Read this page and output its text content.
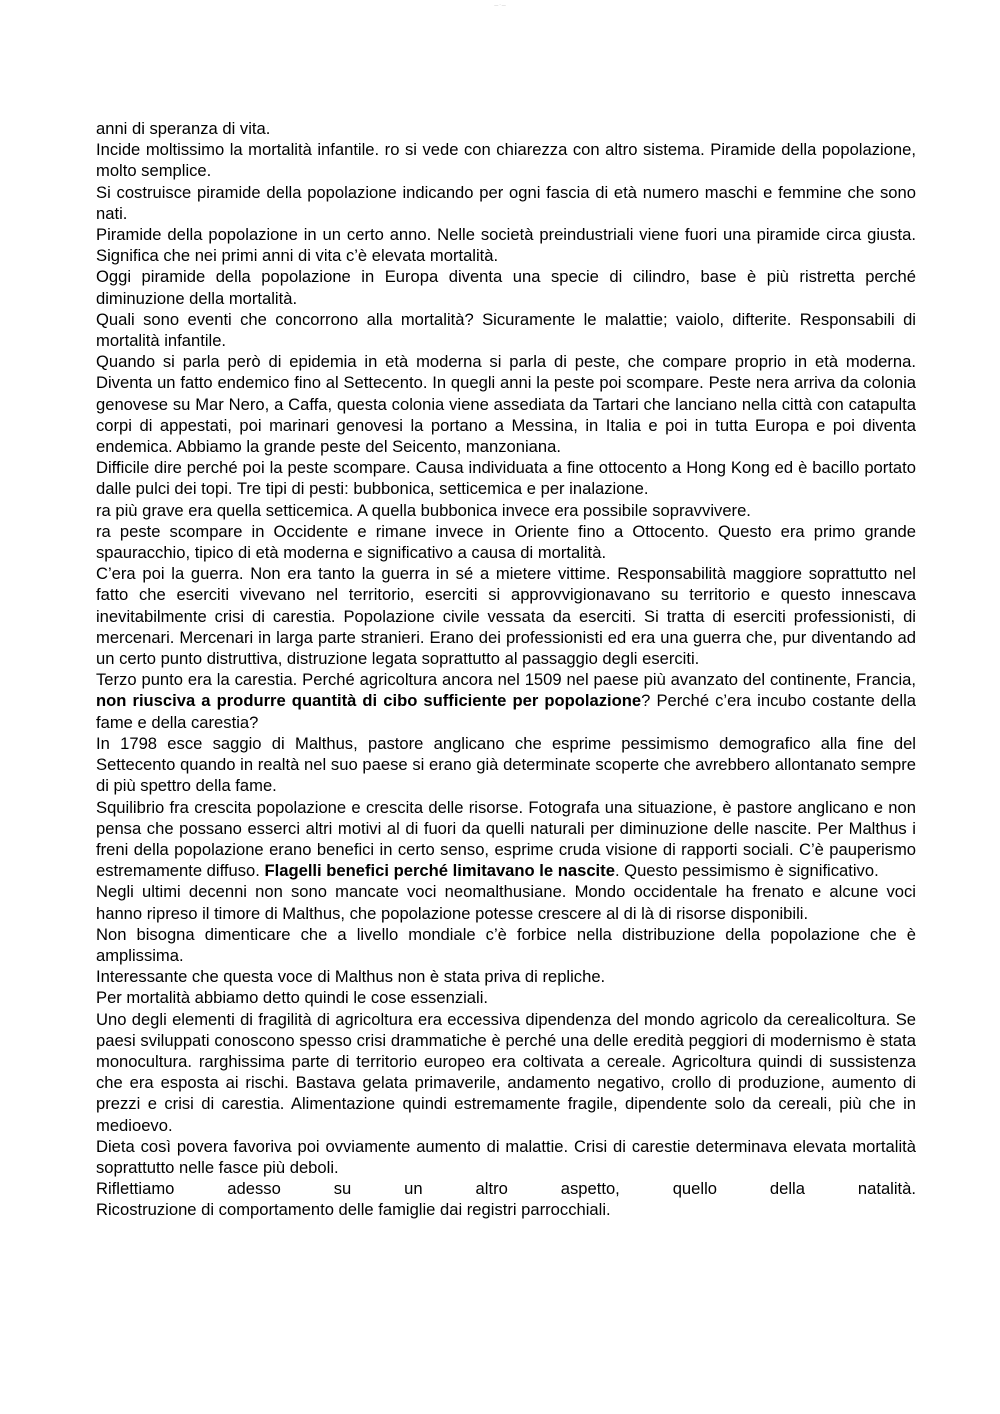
— · —

anni di speranza di vita.

Incide moltissimo la mortalità infantile. ro si vede con chiarezza con altro sistema. Piramide della popolazione, molto semplice.

Si costruisce piramide della popolazione indicando per ogni fascia di età numero maschi e femmine che sono nati.

Piramide della popolazione in un certo anno. Nelle società preindustriali viene fuori una piramide circa giusta. Significa che nei primi anni di vita c’è elevata mortalità.

Oggi piramide della popolazione in Europa diventa una specie di cilindro, base è più ristretta perché diminuzione della mortalità.

Quali sono eventi che concorrono alla mortalità? Sicuramente le malattie; vaiolo, difterite. Responsabili di mortalità infantile.

Quando si parla però di epidemia in età moderna si parla di peste, che compare proprio in età moderna. Diventa un fatto endemico fino al Settecento. In quegli anni la peste poi scompare. Peste nera arriva da colonia genovese su Mar Nero, a Caffa, questa colonia viene assediata da Tartari che lanciano nella città con catapulta corpi di appestati, poi marinari genovesi la portano a Messina, in Italia e poi in tutta Europa e poi diventa endemica. Abbiamo la grande peste del Seicento, manzoniana.

Difficile dire perché poi la peste scompare. Causa individuata a fine ottocento a Hong Kong ed è bacillo portato dalle pulci dei topi. Tre tipi di pesti: bubbonica, setticemica e per inalazione.

ra più grave era quella setticemica. A quella bubbonica invece era possibile sopravvivere.

ra peste scompare in Occidente e rimane invece in Oriente fino a Ottocento. Questo era primo grande spauracchio, tipico di età moderna e significativo a causa di mortalità.

C’era poi la guerra. Non era tanto la guerra in sé a mietere vittime. Responsabilità maggiore soprattutto nel fatto che eserciti vivevano nel territorio, eserciti si approvvigionavano su territorio e questo innescava inevitabilmente crisi di carestia. Popolazione civile vessata da eserciti. Si tratta di eserciti professionisti, di mercenari. Mercenari in larga parte stranieri. Erano dei professionisti ed era una guerra che, pur diventando ad un certo punto distruttiva, distruzione legata soprattutto al passaggio degli eserciti.

Terzo punto era la carestia. Perché agricoltura ancora nel 1509 nel paese più avanzato del continente, Francia, non riusciva a produrre quantità di cibo sufficiente per popolazione? Perché c’era incubo costante della fame e della carestia?

In 1798 esce saggio di Malthus, pastore anglicano che esprime pessimismo demografico alla fine del Settecento quando in realtà nel suo paese si erano già determinate scoperte che avrebbero allontanato sempre di più spettro della fame.

Squilibrio fra crescita popolazione e crescita delle risorse. Fotografa una situazione, è pastore anglicano e non pensa che possano esserci altri motivi al di fuori da quelli naturali per diminuzione delle nascite. Per Malthus i freni della popolazione erano benefici in certo senso, esprime cruda visione di rapporti sociali. C’è pauperismo estremamente diffuso. Flagelli benefici perché limitavano le nascite. Questo pessimismo è significativo.

Negli ultimi decenni non sono mancate voci neomalthusiane. Mondo occidentale ha frenato e alcune voci hanno ripreso il timore di Malthus, che popolazione potesse crescere al di là di risorse disponibili.

Non bisogna dimenticare che a livello mondiale c’è forbice nella distribuzione della popolazione che è amplissima.

Interessante che questa voce di Malthus non è stata priva di repliche.

Per mortalità abbiamo detto quindi le cose essenziali.

Uno degli elementi di fragilità di agricoltura era eccessiva dipendenza del mondo agricolo da cerealicoltura. Se paesi sviluppati conoscono spesso crisi drammatiche è perché una delle eredità peggiori di modernismo è stata monocultura. rarghissima parte di territorio europeo era coltivata a cereale. Agricoltura quindi di sussistenza che era esposta ai rischi. Bastava gelata primaverile, andamento negativo, crollo di produzione, aumento di prezzi e crisi di carestia. Alimentazione quindi estremamente fragile, dipendente solo da cereali, più che in medioevo.

Dieta così povera favoriva poi ovviamente aumento di malattie. Crisi di carestie determinava elevata mortalità soprattutto nelle fasce più deboli.

Riflettiamo adesso su un altro aspetto, quello della natalità.

Ricostruzione di comportamento delle famiglie dai registri parrocchiali.
